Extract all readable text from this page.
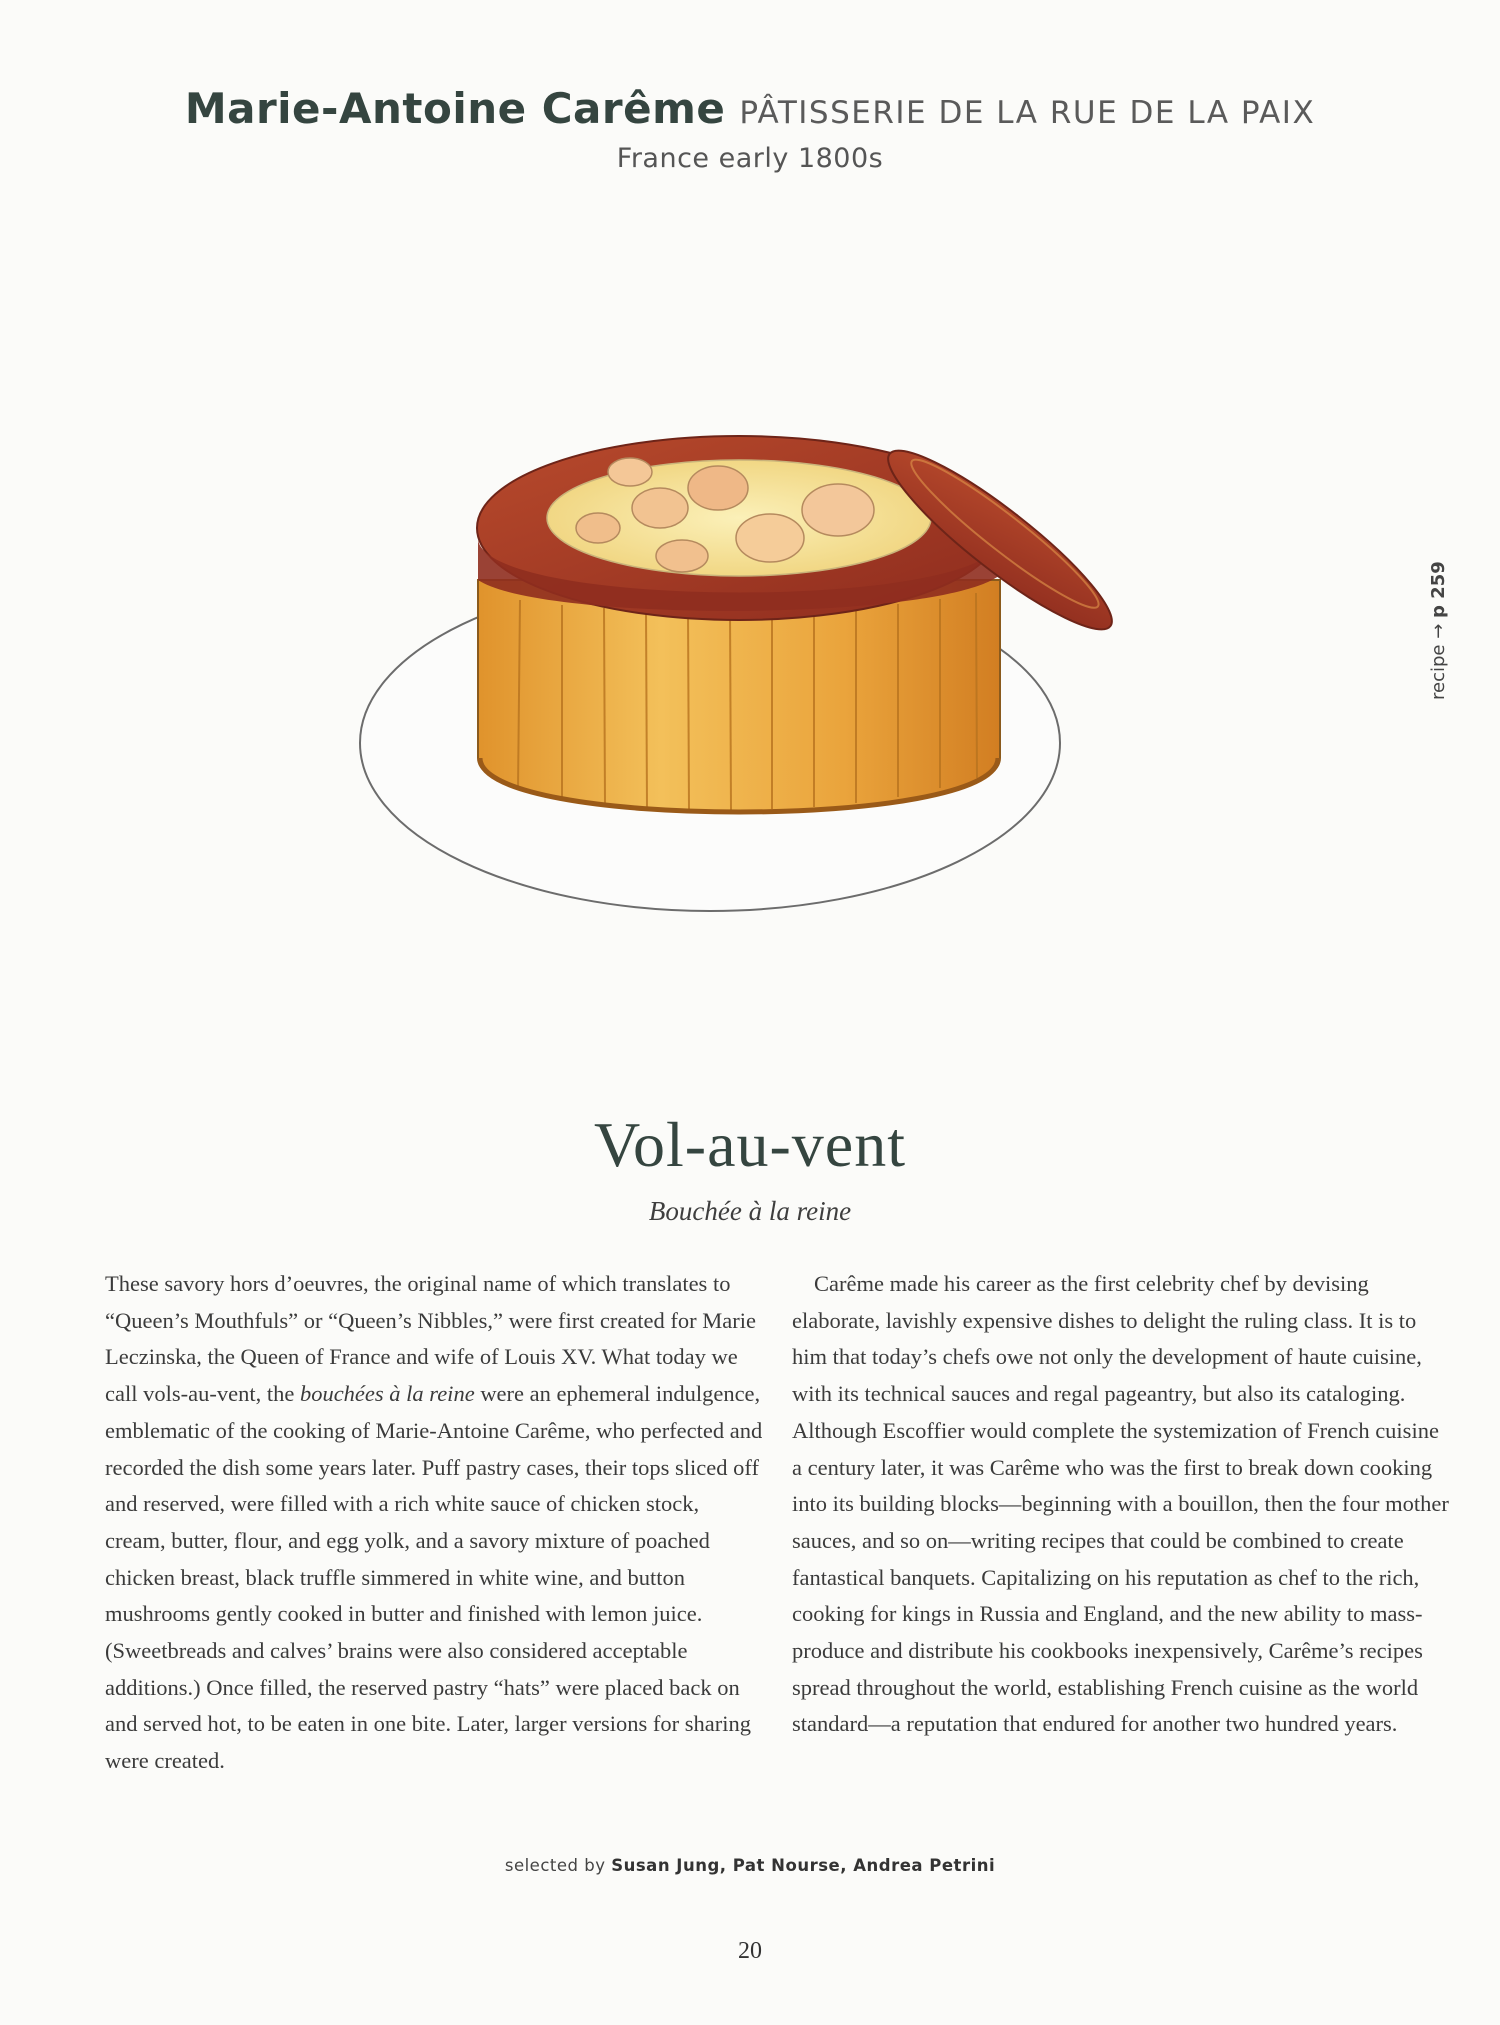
Marie-Antoine Carême PÂTISSERIE DE LA RUE DE LA PAIX
France early 1800s
recipe → p 259
Vol-au-vent
Bouchée à la reine
These savory hors d’oeuvres, the original name of which translates to “Queen’s Mouthfuls” or “Queen’s Nibbles,” were first created for Marie Leczinska, the Queen of France and wife of Louis XV. What today we call vols-au-vent, the bouchées à la reine were an ephemeral indulgence, emblematic of the cooking of Marie-Antoine Carême, who perfected and recorded the dish some years later. Puff pastry cases, their tops sliced off and reserved, were filled with a rich white sauce of chicken stock, cream, butter, flour, and egg yolk, and a savory mixture of poached chicken breast, black truffle simmered in white wine, and button mushrooms gently cooked in butter and finished with lemon juice. (Sweetbreads and calves’ brains were also considered acceptable additions.) Once filled, the reserved pastry “hats” were placed back on and served hot, to be eaten in one bite. Later, larger versions for sharing were created.
Carême made his career as the first celebrity chef by devising elaborate, lavishly expensive dishes to delight the ruling class. It is to him that today’s chefs owe not only the development of haute cuisine, with its technical sauces and regal pageantry, but also its cataloging. Although Escoffier would complete the systemization of French cuisine a century later, it was Carême who was the first to break down cooking into its building blocks—beginning with a bouillon, then the four mother sauces, and so on—writing recipes that could be combined to create fantastical banquets. Capitalizing on his reputation as chef to the rich, cooking for kings in Russia and England, and the new ability to mass-produce and distribute his cookbooks inexpensively, Carême’s recipes spread throughout the world, establishing French cuisine as the world standard—a reputation that endured for another two hundred years.
selected by Susan Jung, Pat Nourse, Andrea Petrini
20
